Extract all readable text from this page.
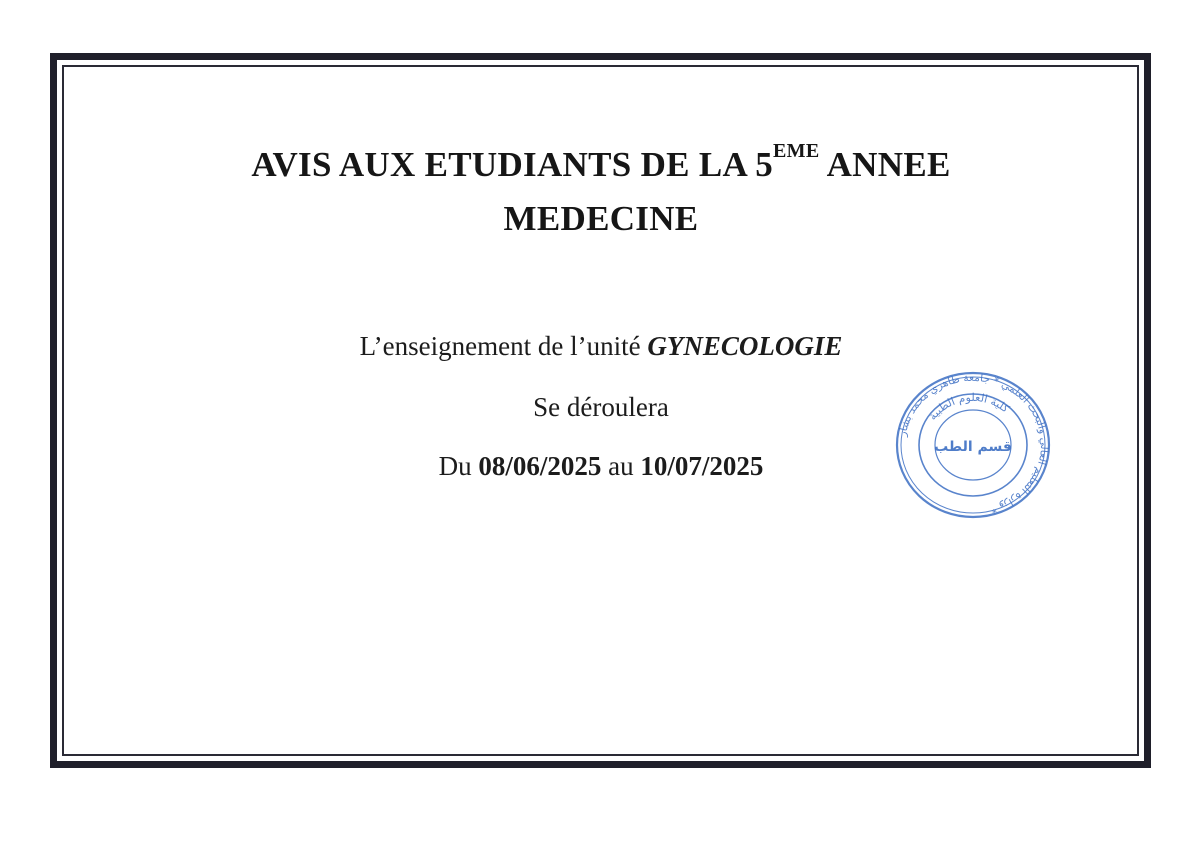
AVIS AUX ETUDIANTS DE LA 5EME ANNEE
MEDECINE
L’enseignement de l’unité GYNECOLOGIE
Se déroulera
Du 08/06/2025 au 10/07/2025
وزارة التعليم العالي والبحث العلمي * جامعة طاهري محمد بشار *
كلية العلوم الطبية
قسم الطب
